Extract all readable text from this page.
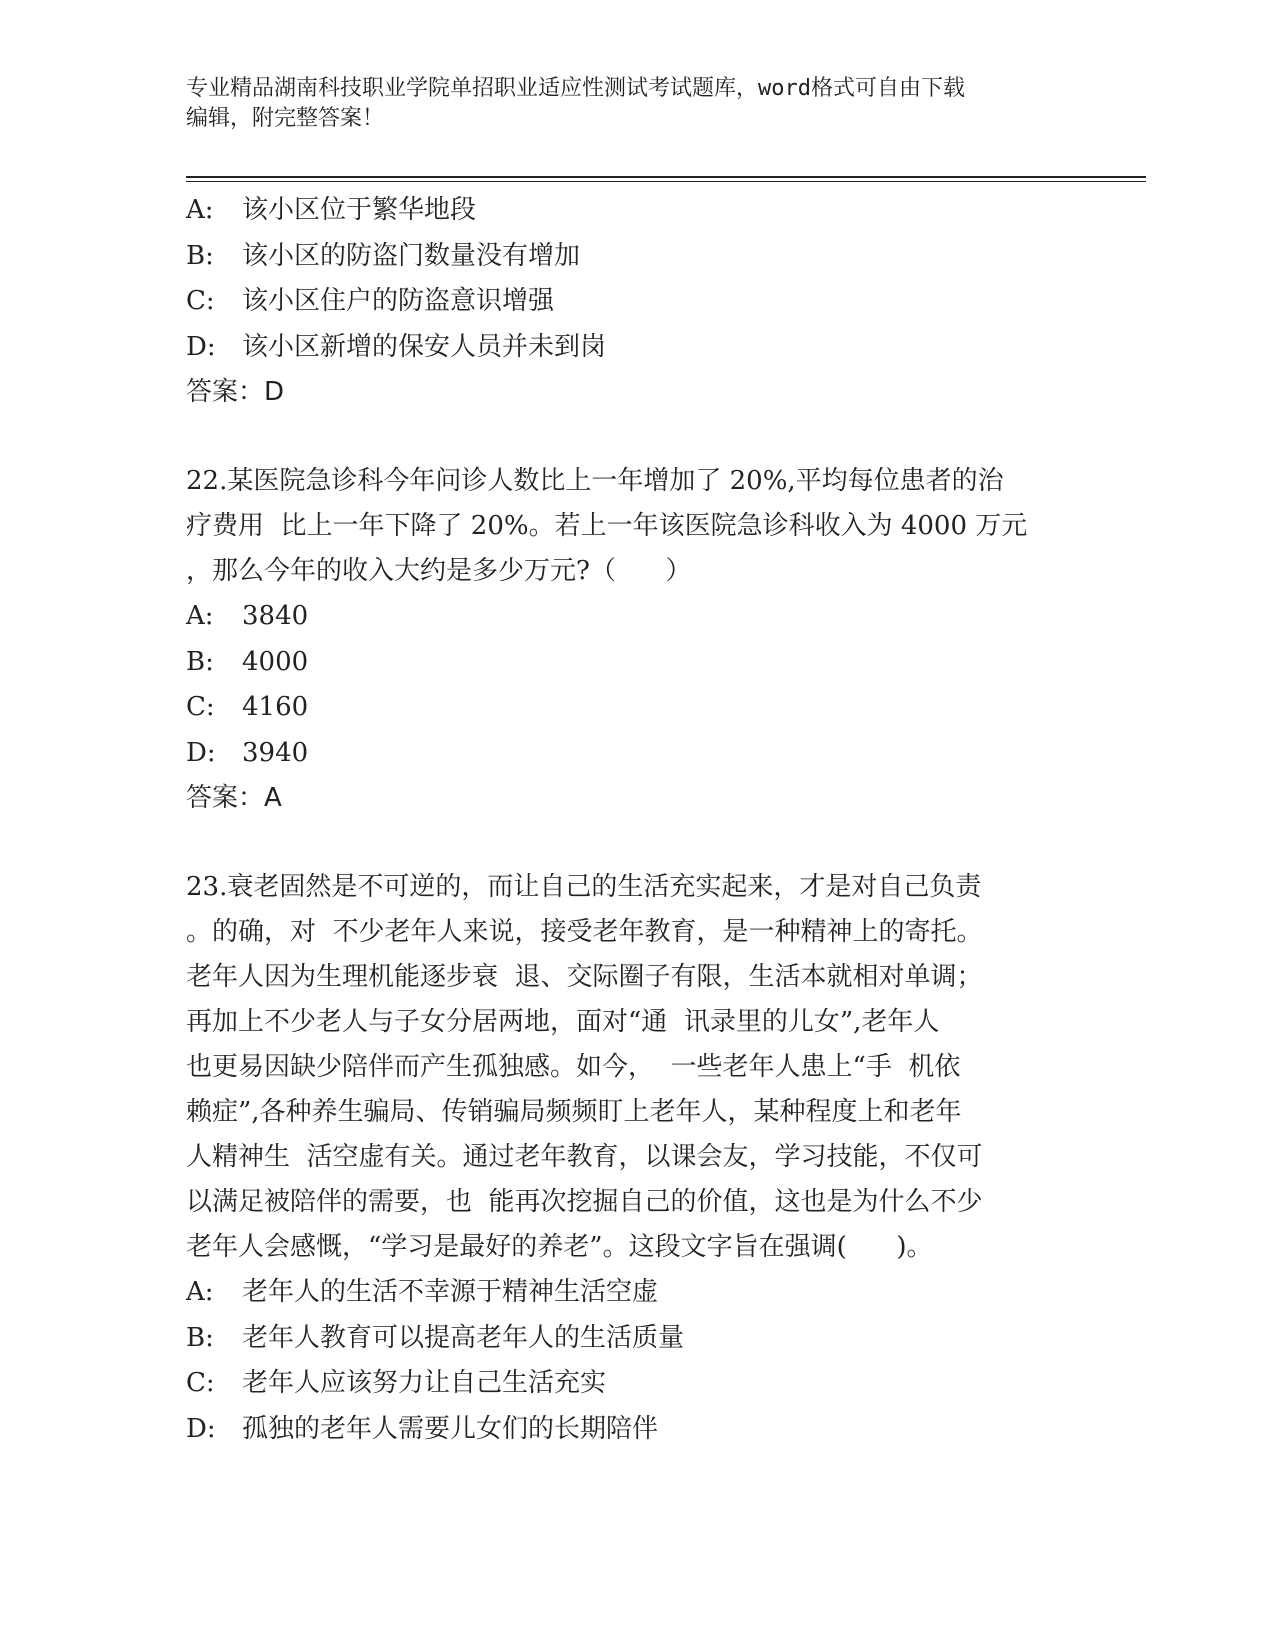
专业精品湖南科技职业学院单招职业适应性测试考试题库，word格式可自由下载
编辑，附完整答案！
A: 该小区位于繁华地段
B: 该小区的防盗门数量没有增加
C: 该小区住户的防盗意识增强
D: 该小区新增的保安人员并未到岗
答案：D
22.某医院急诊科今年问诊人数比上一年增加了 20%,平均每位患者的治
疗费用  比上一年下降了 20%。若上一年该医院急诊科收入为 4000 万元
，那么今年的收入大约是多少万元?（      ）
A: 3840
B: 4000
C: 4160
D: 3940
答案：A
23.衰老固然是不可逆的，而让自己的生活充实起来，才是对自己负责
。的确，对  不少老年人来说，接受老年教育，是一种精神上的寄托。
老年人因为生理机能逐步衰  退、交际圈子有限，生活本就相对单调；
再加上不少老人与子女分居两地，面对“通  讯录里的儿女”,老年人
也更易因缺少陪伴而产生孤独感。如今，  一些老年人患上“手  机依
赖症”,各种养生骗局、传销骗局频频盯上老年人，某种程度上和老年
人精神生  活空虚有关。通过老年教育，以课会友，学习技能，不仅可
以满足被陪伴的需要，也  能再次挖掘自己的价值，这也是为什么不少
老年人会感慨，“学习是最好的养老”。这段文字旨在强调(      )。
A: 老年人的生活不幸源于精神生活空虚
B: 老年人教育可以提高老年人的生活质量
C: 老年人应该努力让自己生活充实
D: 孤独的老年人需要儿女们的长期陪伴
